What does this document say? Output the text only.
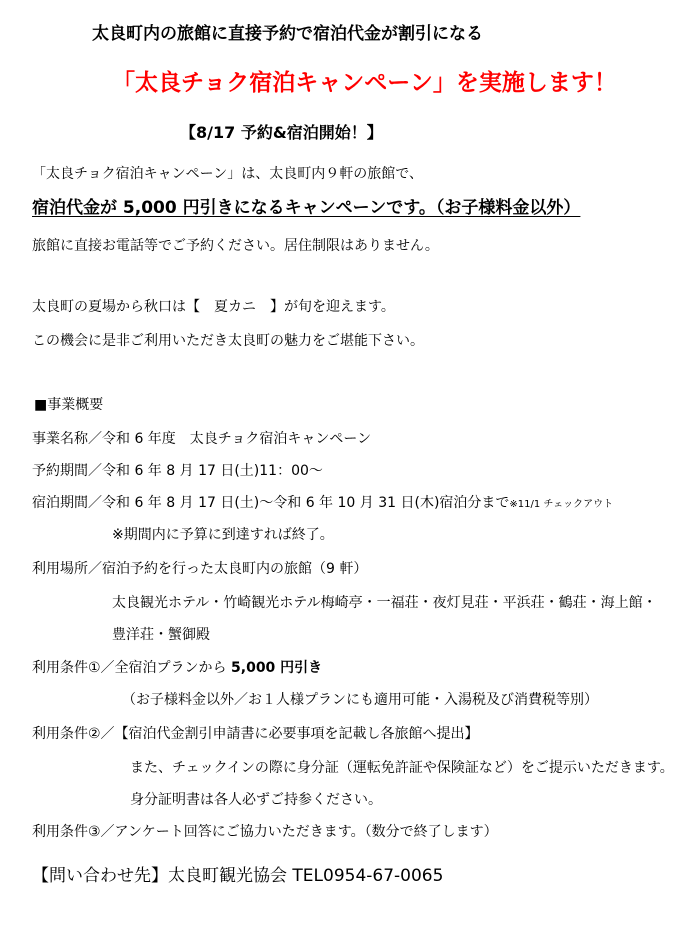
太良町内の旅館に直接予約で宿泊代金が割引になる
「太良チョク宿泊キャンペーン」を実施します！
【8/17 予約&宿泊開始！】
「太良チョク宿泊キャンペーン」は、太良町内９軒の旅館で、
宿泊代金が 5,000 円引きになるキャンペーンです。（お子様料金以外）
旅館に直接お電話等でご予約ください。居住制限はありません。
太良町の夏場から秋口は【　夏カニ　】が旬を迎えます。
この機会に是非ご利用いただき太良町の魅力をご堪能下さい。
■事業概要
事業名称／令和 6 年度　太良チョク宿泊キャンペーン
予約期間／令和 6 年 8 月 17 日(土)11：00～
宿泊期間／令和 6 年 8 月 17 日(土)～令和 6 年 10 月 31 日(木)宿泊分まで※11/1 チェックアウト
※期間内に予算に到達すれば終了。
利用場所／宿泊予約を行った太良町内の旅館（9 軒）
太良観光ホテル・竹崎観光ホテル梅崎亭・一福荘・夜灯見荘・平浜荘・鶴荘・海上館・
豊洋荘・蟹御殿
利用条件①／全宿泊プランから 5,000 円引き
（お子様料金以外／お１人様プランにも適用可能・入湯税及び消費税等別）
利用条件②／【宿泊代金割引申請書に必要事項を記載し各旅館へ提出】
また、チェックインの際に身分証（運転免許証や保険証など）をご提示いただきます。
身分証明書は各人必ずご持参ください。
利用条件③／アンケート回答にご協力いただきます。（数分で終了します）
【問い合わせ先】太良町観光協会 TEL0954-67-0065
